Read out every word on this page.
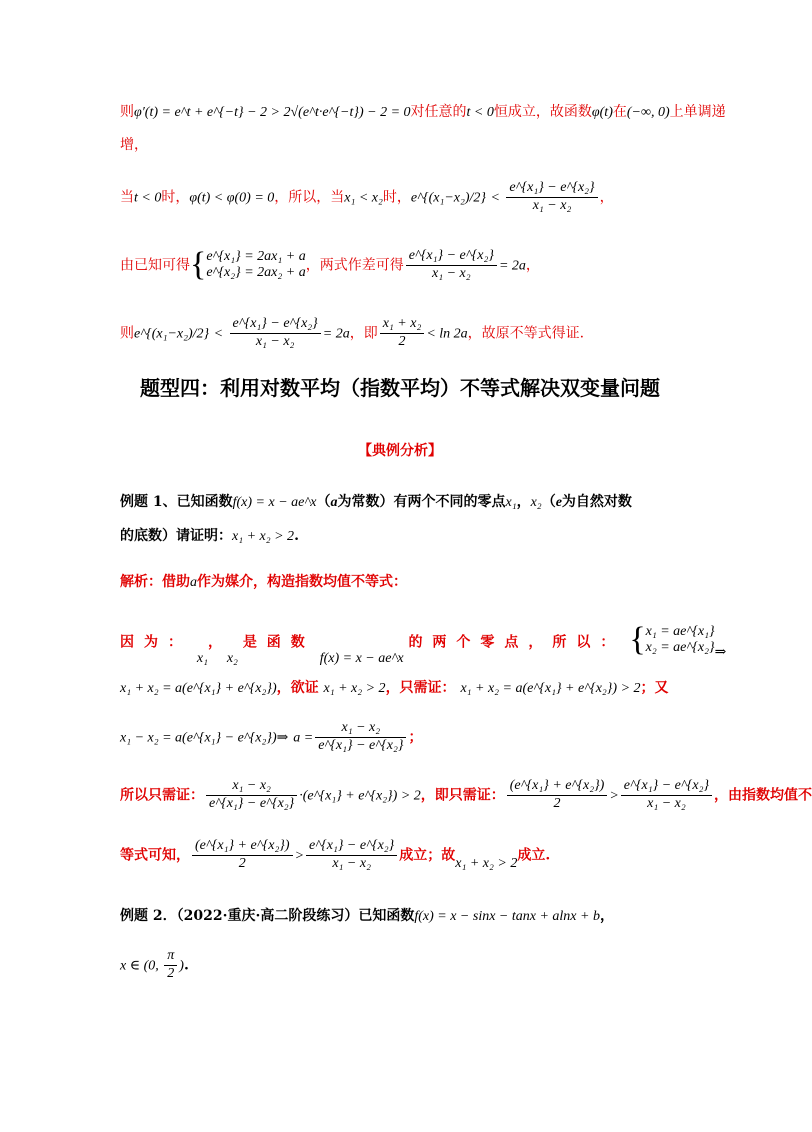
则φ′(t) = e^t + e^{−t} − 2 > 2√(e^t·e^{−t}) − 2 = 0对任意的t < 0恒成立，故函数φ(t)在(−∞, 0)上单调递
增，
当t < 0时，φ(t) < φ(0) = 0，所以，当x₁ < x₂时，e^{(x₁−x₂)/2} < $\frac{\text{e\textasciicircum{}\{x₁\} − e\textasciicircum{}\{x₂\}}}{\text{x₁ − x₂}}$ ，
由已知可得{ e^{x₁} = 2ax₁ + a
e^{x₂} = 2ax₂ + a ，两式作差可得 $\frac{\text{e\textasciicircum{}\{x₁\} − e\textasciicircum{}\{x₂\}}}{\text{x₁ − x₂}} = 2a$，
则e^{(x₁−x₂)/2} < $\frac{\text{e\textasciicircum{}\{x₁\} − e\textasciicircum{}\{x₂\}}}{\text{x₁ − x₂}} = 2a$，即 $\frac{\text{x₁ + x₂}}{2} < \ln 2a$，故原不等式得证.
题型四：利用对数平均（指数平均）不等式解决双变量问题
【典例分析】
例题 1、已知函数f(x) = x − ae^x（a为常数）有两个不同的零点x₁，x₂（e为自然对数
的底数）请证明：x₁ + x₂ > 2.
解析：借助a作为媒介，构造指数均值不等式：
因为： x₁， x₂ 是函数 f(x) = x − ae^x 的两个零点，所以： { x₁ = ae^{x₁}
x₂ = ae^{x₂} ⇒
x₁ + x₂ = a(e^{x₁} + e^{x₂})，欲证 x₁ + x₂ > 2，只需证： x₁ + x₂ = a(e^{x₁} + e^{x₂}) > 2；又
x₁ − x₂ = a(e^{x₁} − e^{x₂})⇒ $a = \frac{\text{x₁ − x₂}}{\text{e\textasciicircum{}\{x₁\} − e\textasciicircum{}\{x₂\}}}$ ；
所以只需证： $\frac{\text{x₁ − x₂}}{\text{e\textasciicircum{}\{x₁\} − e\textasciicircum{}\{x₂\}}}$ ·(e^{x₁} + e^{x₂}) > 2，即只需证： $\frac{\text{(e\textasciicircum{}\{x₁\} + e\textasciicircum{}\{x₂\})}}{2} > \frac{\text{e\textasciicircum{}\{x₁\} − e\textasciicircum{}\{x₂\}}}{\text{x₁ − x₂}}$ ，由指数均值不
等式可知， $\frac{\text{(e\textasciicircum{}\{x₁\} + e\textasciicircum{}\{x₂\})}}{2} > \frac{\text{e\textasciicircum{}\{x₁\} − e\textasciicircum{}\{x₂\}}}{\text{x₁ − x₂}}$ 成立；故x₁ + x₂ > 2成立.
例题 2．（2022·重庆·高二阶段练习）已知函数f(x) = x − sinx − tanx + alnx + b，
x ∈ (0, $\frac{\pi}{2}$ ).
